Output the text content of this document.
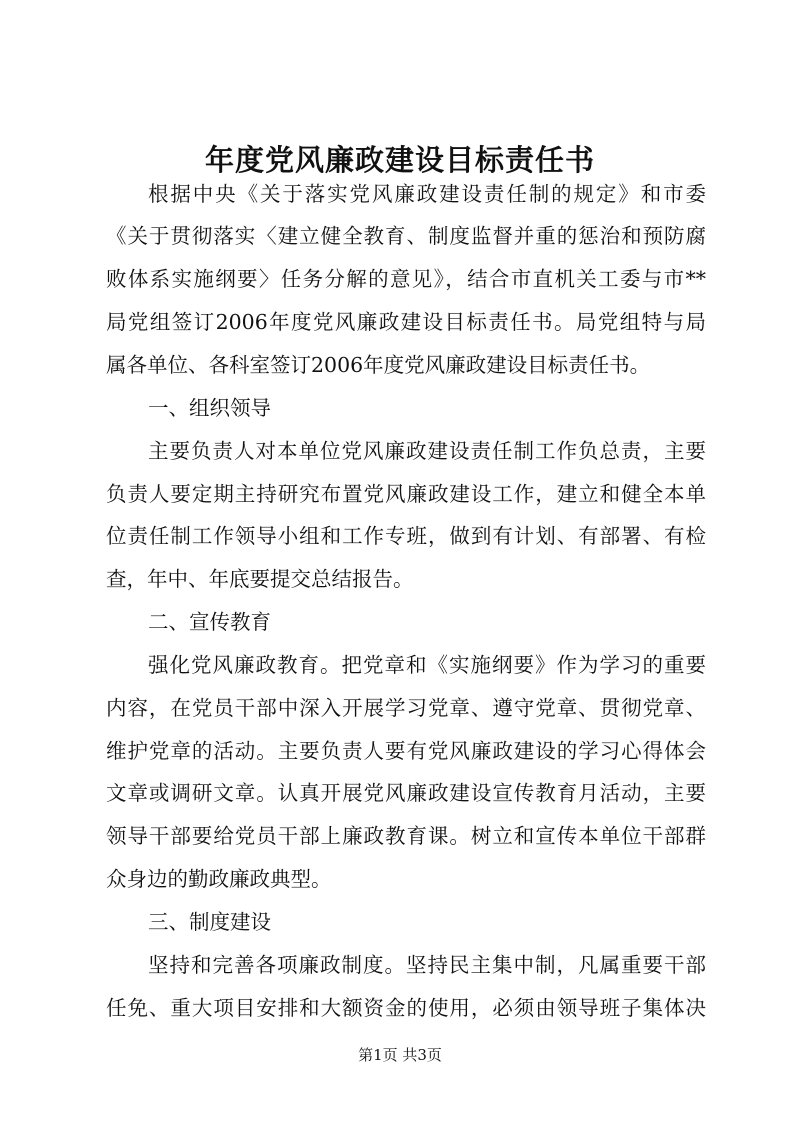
年度党风廉政建设目标责任书
根据中央《关于落实党风廉政建设责任制的规定》和市委
《关于贯彻落实〈建立健全教育、制度监督并重的惩治和预防腐
败体系实施纲要〉任务分解的意见》，结合市直机关工委与市**
局党组签订2006年度党风廉政建设目标责任书。局党组特与局
属各单位、各科室签订2006年度党风廉政建设目标责任书。
一、组织领导
主要负责人对本单位党风廉政建设责任制工作负总责，主要
负责人要定期主持研究布置党风廉政建设工作，建立和健全本单
位责任制工作领导小组和工作专班，做到有计划、有部署、有检
查，年中、年底要提交总结报告。
二、宣传教育
强化党风廉政教育。把党章和《实施纲要》作为学习的重要
内容，在党员干部中深入开展学习党章、遵守党章、贯彻党章、
维护党章的活动。主要负责人要有党风廉政建设的学习心得体会
文章或调研文章。认真开展党风廉政建设宣传教育月活动，主要
领导干部要给党员干部上廉政教育课。树立和宣传本单位干部群
众身边的勤政廉政典型。
三、制度建设
坚持和完善各项廉政制度。坚持民主集中制，凡属重要干部
任免、重大项目安排和大额资金的使用，必须由领导班子集体决
第1页 共3页
